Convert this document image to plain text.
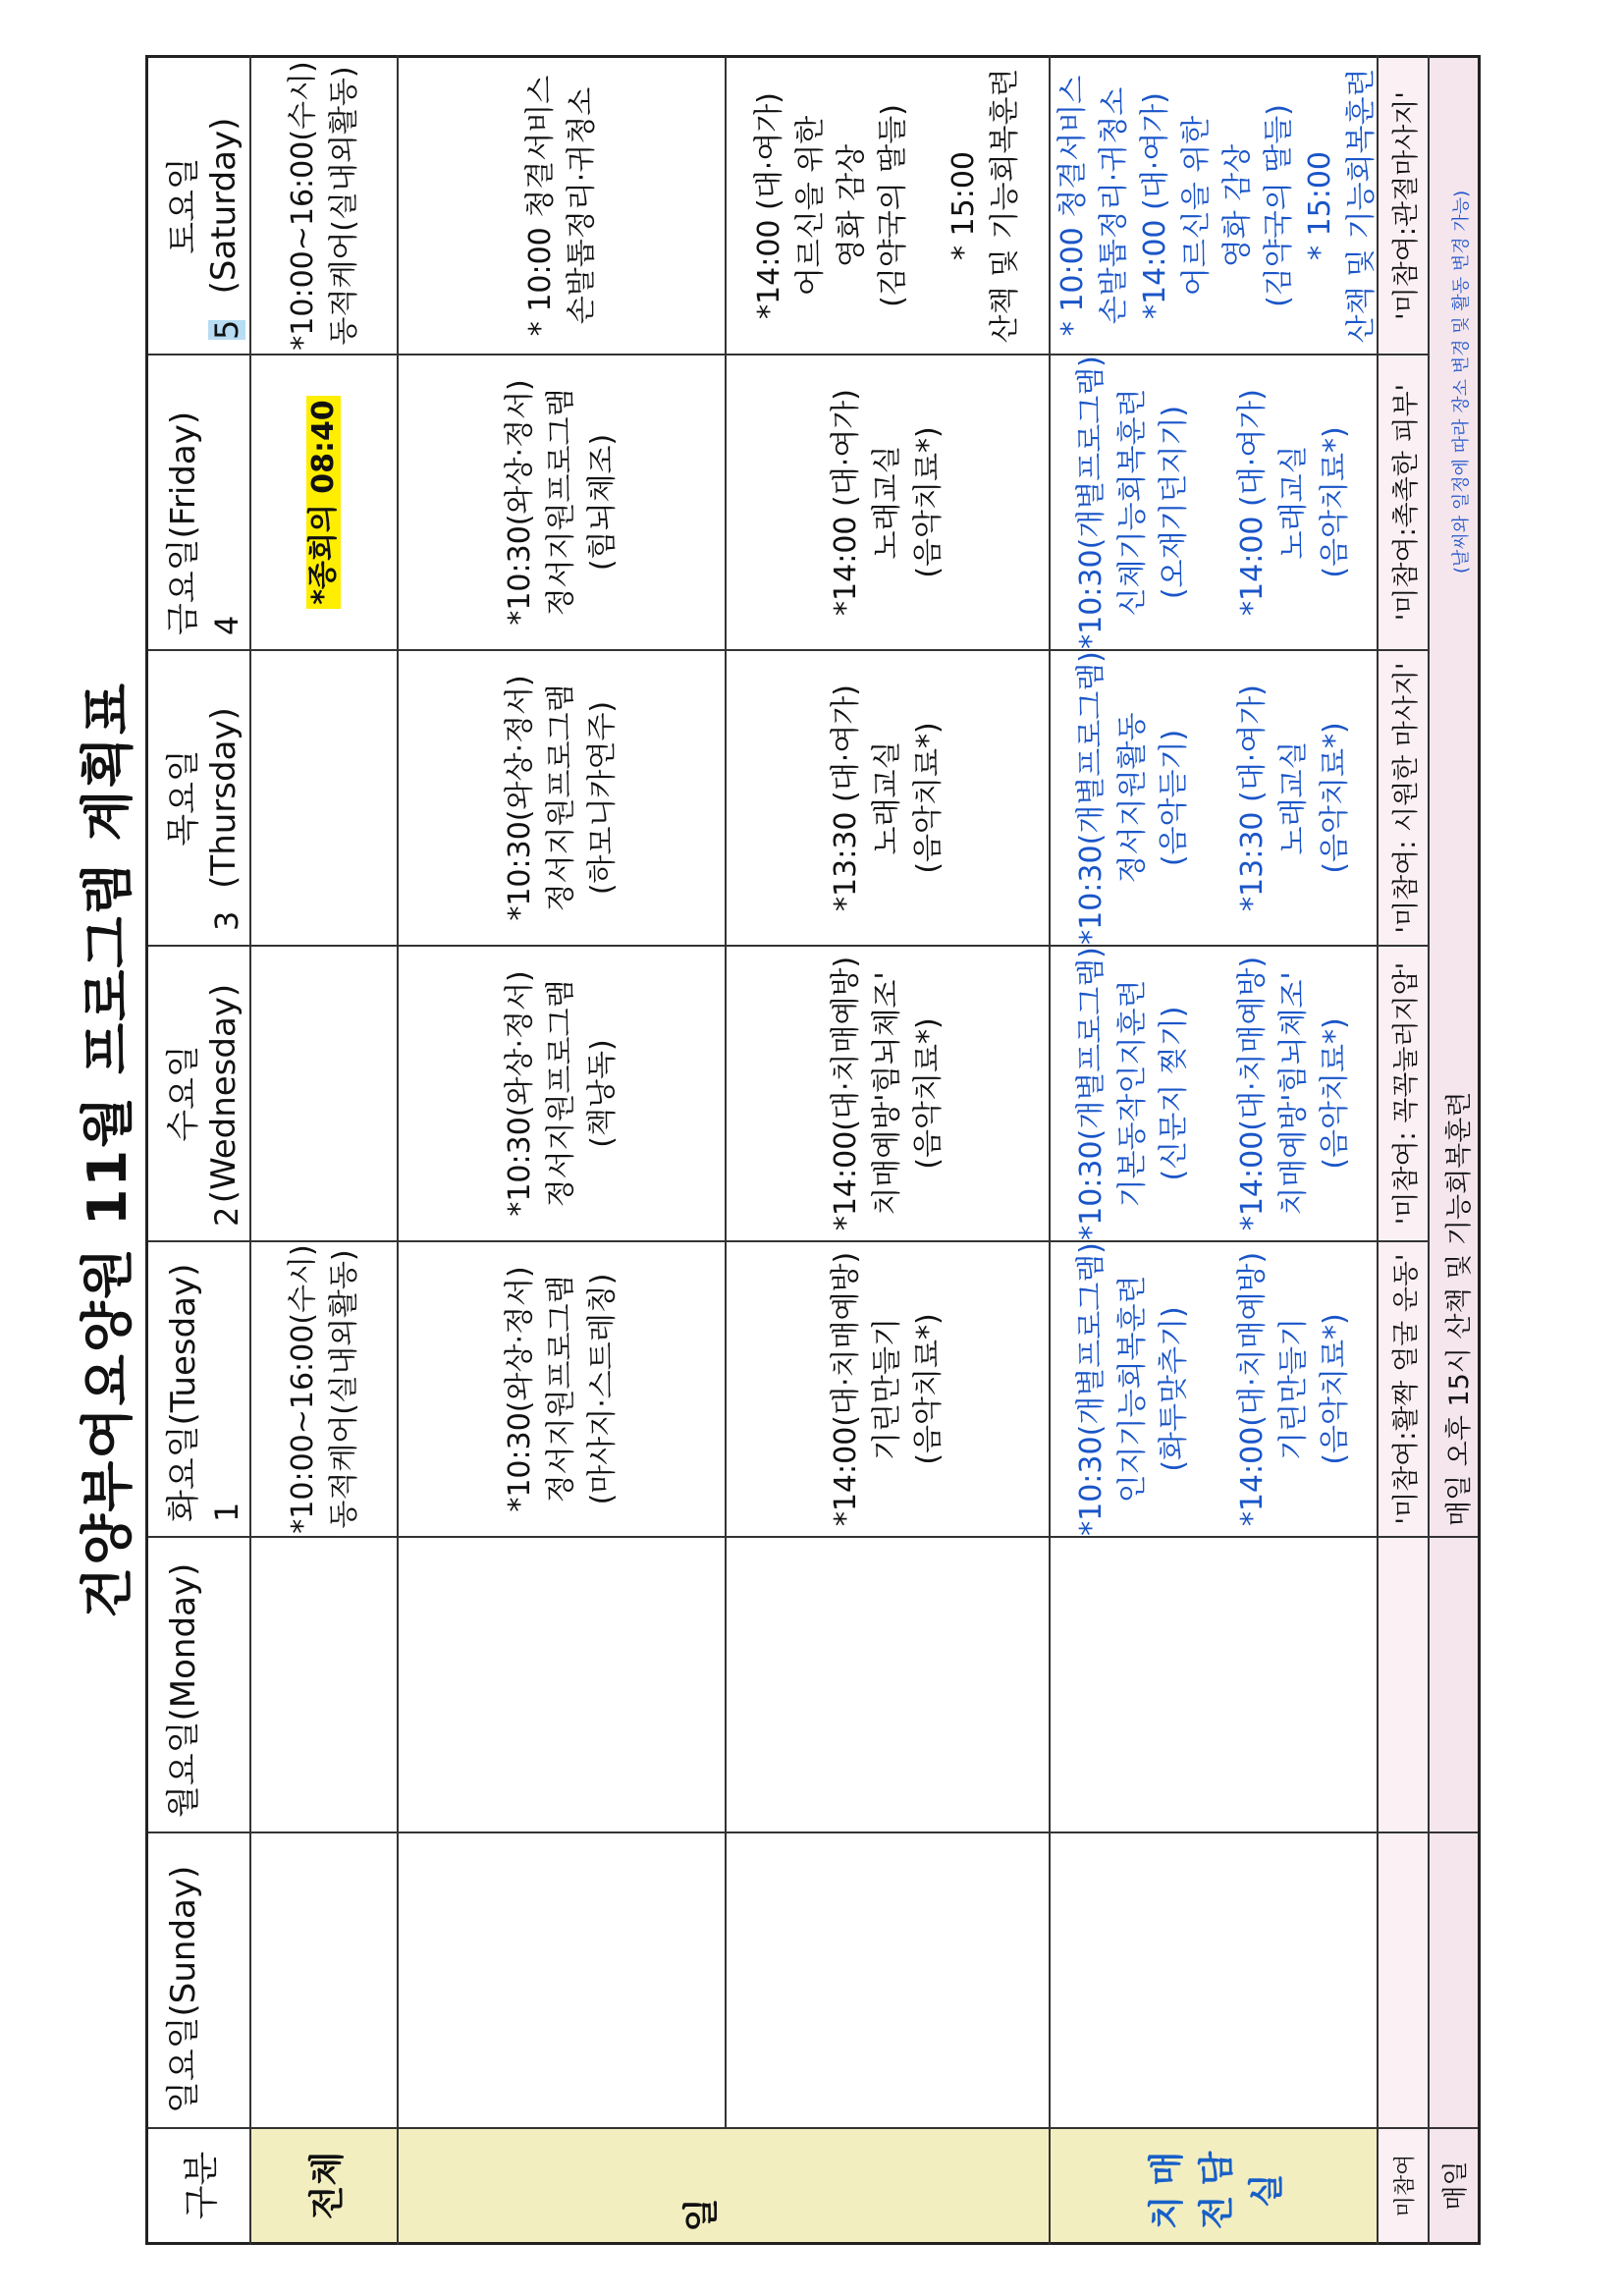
건양부여요양원 11월 프로그램 계획표
구분
일요일(Sunday)
월요일(Monday)
화요일(Tuesday) 1
수요일(Wednesday)
2
목요일(Thursday)
3
금요일(Friday) 4
토요일(Saturday)
5
전체
*10:00~16:00(수시) 동적케어(실내외활동)
*종회의 08:40
*10:00~16:00(수시) 동적케어(실내외활동)
일
*10:30(와상·정서) 정서지원프로그램 (마사지·스트레칭)
*10:30(와상·정서) 정서지원프로그램 (책낭독)
*10:30(와상·정서) 정서지원프로그램 (하모니카연주)
*10:30(와상·정서) 정서지원프로그램 (힘뇌체조)
* 10:00 청결서비스 손발톱정리·귀청소
*14:00(대·치매예방) 기린만들기 (음악치료*)
*14:00(대·치매예방) 치매예방'힘뇌체조' (음악치료*)
*13:30 (대·여가) 노래교실 (음악치료*)
*14:00 (대·여가) 노래교실 (음악치료*)
*14:00 (대·여가) 어르신을 위한 영화 감상 (김약국의 딸들) * 15:00 산책 및 기능회복훈련
치매전담실
*10:30(개별프로그램) 인지기능회복훈련 (화투맞추기) *14:00(대·치매예방) 기린만들기 (음악치료*)
*10:30(개별프로그램) 기본동작인지훈련 (신문지 찢기) *14:00(대·치매예방) 치매예방'힘뇌체조' (음악치료*)
*10:30(개별프로그램) 정서지원활동 (음악듣기) *13:30 (대·여가) 노래교실 (음악치료*)
*10:30(개별프로그램) 신체기능회복훈련 (오재기던지기) *14:00 (대·여가) 노래교실 (음악치료*)
* 10:00 청결서비스 손발톱정리·귀청소 *14:00 (대·여가) 어르신을 위한 영화 감상 (김약국의 딸들) * 15:00 산책 및 기능회복훈련
미참여
'미참여:활짝 얼굴 운동'
'미참여: 꼭꼭눌러지압'
'미참여: 시원한 마사지'
'미참여:촉촉한 피부'
'미참여:관절마사지'
매일
매일 오후 15시 산책 및 기능회복훈련
(날씨와 일정에 따라 장소 변경 및 활동 변경 가능)
